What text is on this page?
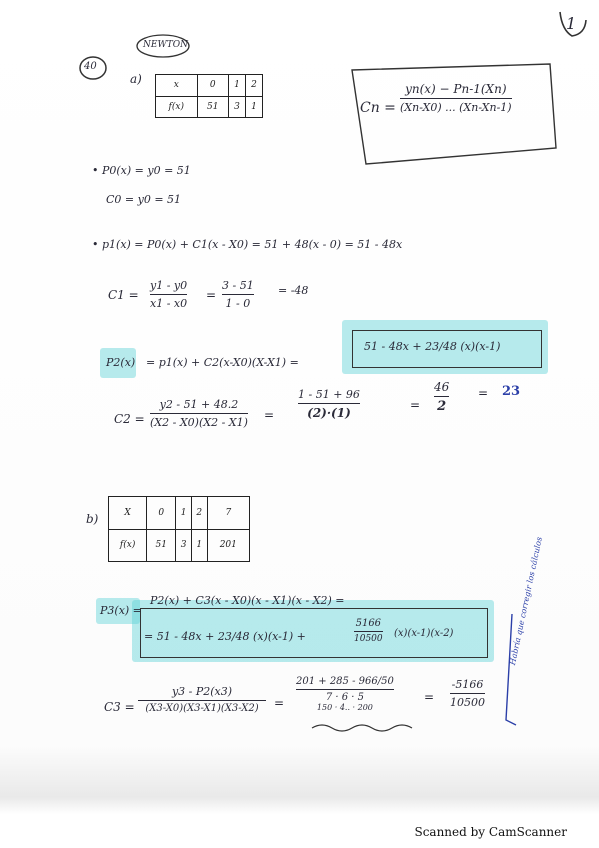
1
40
NEWTON
a)	x	0	1	2
f(x)	51	3	1	Cn =
yn(x) − Pn-1(Xn)
(Xn-X0) ... (Xn-Xn-1)
• P0(x) = y0 = 51
C0 = y0 = 51
• p1(x) = P0(x) + C1(x - X0) = 51 + 48(x - 0) = 51 - 48x
C1 =
y1 - y0
x1 - x0
=
3 - 51
1 - 0
= -48
P2(x) = p1(x) + C2(x-X0)(X-X1) =
51 - 48x + 23/48 (x)(x-1)
C2 =
y2 - 51 + 48.2
(X2 - X0)(X2 - X1)
=
1 - 51 + 96
(2)·(1)
=
46
2
= 23
b)	X	0	1	2	7
f(x)	51	3	1	201
P3(x) =
P2(x) + C3(x - X0)(x - X1)(x - X2) =
= 51 - 48x + 23/48 (x)(x-1) +
5166
10500 (x)(x-1)(x-2)
C3 =
y3 - P2(x3)
(X3-X0)(X3-X1)(X3-X2) =
201 + 285 - 966/50
7 · 6 · 5
150 · 4.. · 200
=
-5166
10500
Habría que corregir los cálculos
Scanned by CamScanner
